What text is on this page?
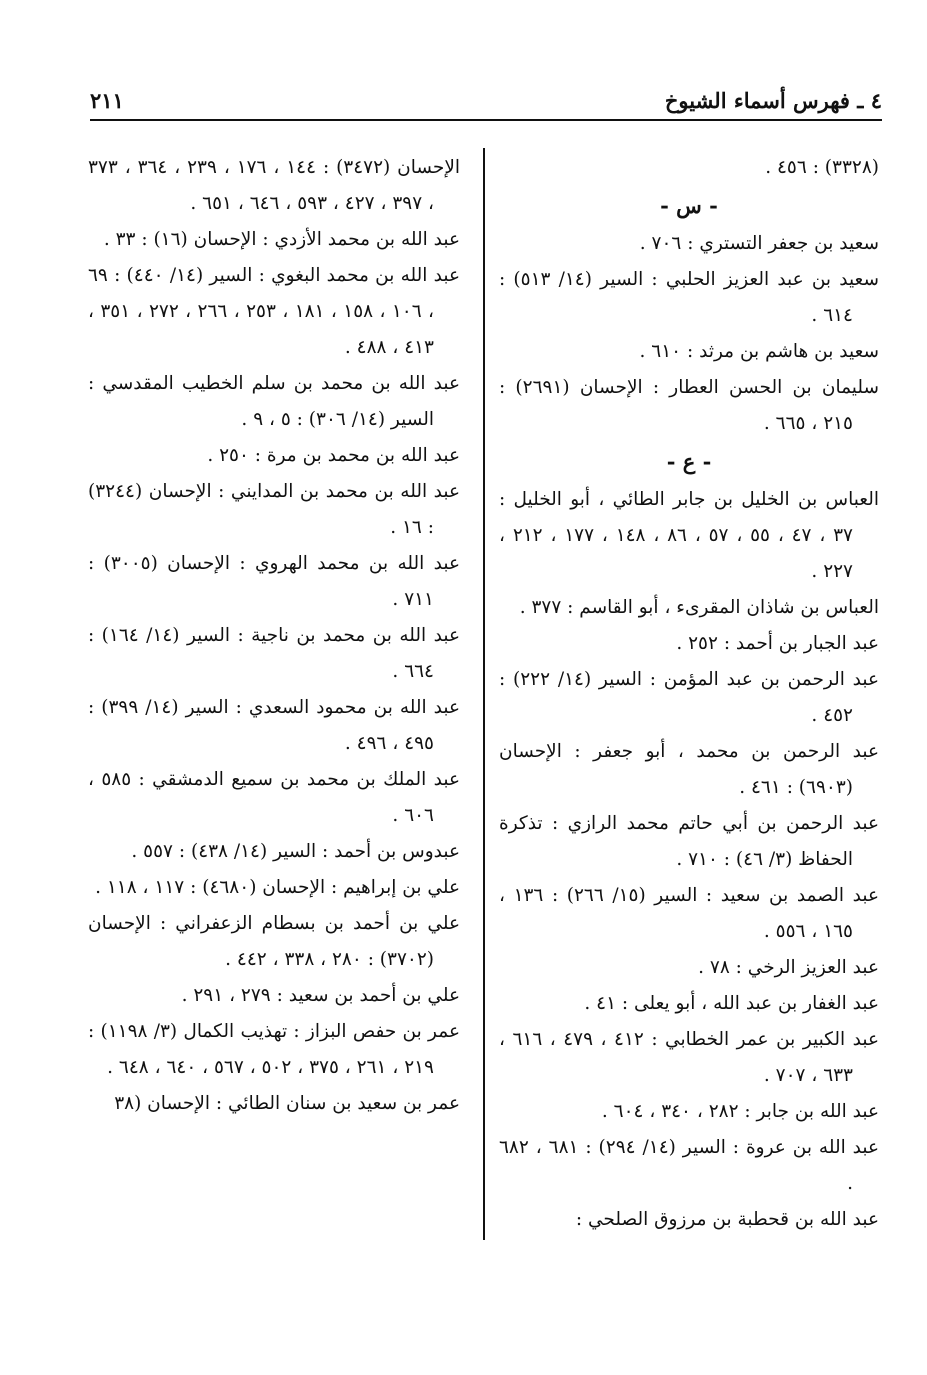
٤ ـ فهرس أسماء الشيوخ
٢١١
(٣٣٢٨) : ٤٥٦ .
- س -
سعيد بن جعفر التستري : ٧٠٦ .
سعيد بن عبد العزيز الحلبي : السير (١٤/ ٥١٣) : ٦١٤ .
سعيد بن هاشم بن مرثد : ٦١٠ .
سليمان بن الحسن العطار : الإحسان (٢٦٩١) : ٢١٥ ، ٦٦٥ .
- ع -
العباس بن الخليل بن جابر الطائي ، أبو الخليل : ٣٧ ، ٤٧ ، ٥٥ ، ٥٧ ، ٨٦ ، ١٤٨ ، ١٧٧ ، ٢١٢ ، ٢٢٧ .
العباس بن شاذان المقرىء ، أبو القاسم : ٣٧٧ .
عبد الجبار بن أحمد : ٢٥٢ .
عبد الرحمن بن عبد المؤمن : السير (١٤/ ٢٢٢) : ٤٥٢ .
عبد الرحمن بن محمد ، أبو جعفر : الإحسان (٦٩٠٣) : ٤٦١ .
عبد الرحمن بن أبي حاتم محمد الرازي : تذكرة الحفاظ (٣/ ٤٦) : ٧١٠ .
عبد الصمد بن سعيد : السير (١٥/ ٢٦٦) : ١٣٦ ، ١٦٥ ، ٥٥٦ .
عبد العزيز الرخي : ٧٨ .
عبد الغفار بن عبد الله ، أبو يعلى : ٤١ .
عبد الكبير بن عمر الخطابي : ٤١٢ ، ٤٧٩ ، ٦١٦ ، ٦٣٣ ، ٧٠٧ .
عبد الله بن جابر : ٢٨٢ ، ٣٤٠ ، ٦٠٤ .
عبد الله بن عروة : السير (١٤/ ٢٩٤) : ٦٨١ ، ٦٨٢ .
عبد الله بن قحطبة بن مرزوق الصلحي :
الإحسان (٣٤٧٢) : ١٤٤ ، ١٧٦ ، ٢٣٩ ، ٣٦٤ ، ٣٧٣ ، ٣٩٧ ، ٤٢٧ ، ٥٩٣ ، ٦٤٦ ، ٦٥١ .
عبد الله بن محمد الأزدي : الإحسان (١٦) : ٣٣ .
عبد الله بن محمد البغوي : السير (١٤/ ٤٤٠) : ٦٩ ، ١٠٦ ، ١٥٨ ، ١٨١ ، ٢٥٣ ، ٢٦٦ ، ٢٧٢ ، ٣٥١ ، ٤١٣ ، ٤٨٨ .
عبد الله بن محمد بن سلم الخطيب المقدسي : السير (١٤/ ٣٠٦) : ٥ ، ٩ .
عبد الله بن محمد بن مرة : ٢٥٠ .
عبد الله بن محمد بن المدايني : الإحسان (٣٢٤٤) : ١٦ .
عبد الله بن محمد الهروي : الإحسان (٣٠٠٥) : ٧١١ .
عبد الله بن محمد بن ناجية : السير (١٤/ ١٦٤) : ٦٦٤ .
عبد الله بن محمود السعدي : السير (١٤/ ٣٩٩) : ٤٩٥ ، ٤٩٦ .
عبد الملك بن محمد بن سميع الدمشقي : ٥٨٥ ، ٦٠٦ .
عبدوس بن أحمد : السير (١٤/ ٤٣٨) : ٥٥٧ .
علي بن إبراهيم : الإحسان (٤٦٨٠) : ١١٧ ، ١١٨ .
علي بن أحمد بن بسطام الزعفراني : الإحسان (٣٧٠٢) : ٢٨٠ ، ٣٣٨ ، ٤٤٢ .
علي بن أحمد بن سعيد : ٢٧٩ ، ٢٩١ .
عمر بن حفص البزاز : تهذيب الكمال (٣/ ١١٩٨) : ٢١٩ ، ٢٦١ ، ٣٧٥ ، ٥٠٢ ، ٥٦٧ ، ٦٤٠ ، ٦٤٨ .
عمر بن سعيد بن سنان الطائي : الإحسان (٣٨
